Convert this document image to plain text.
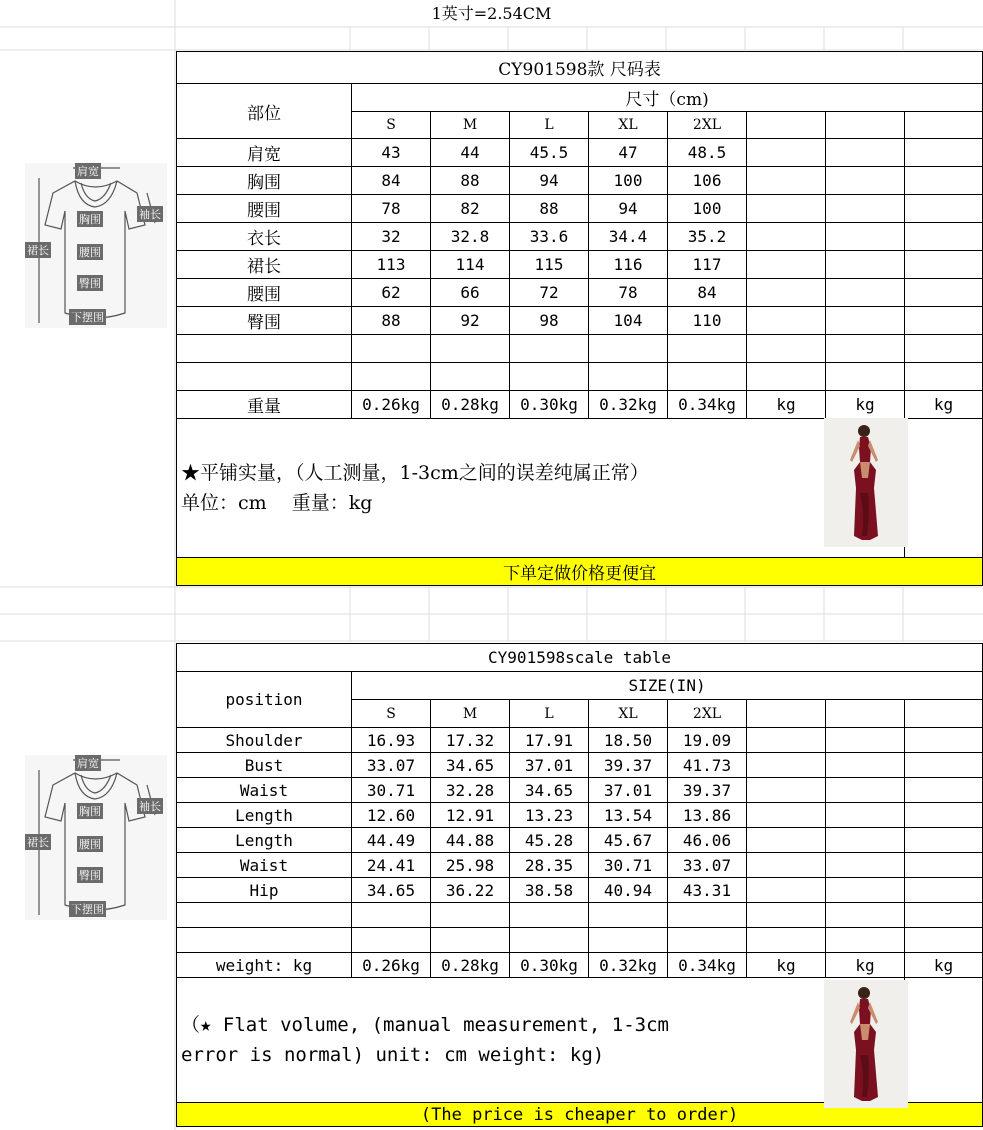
1英寸=2.54CM
CY901598款 尺码表								
部位	尺寸（cm)							
	S	M	L	XL	2XL			
肩宽	43	44	45.5	47	48.5			
胸围	84	88	94	100	106			
腰围	78	82	88	94	100			
衣长	32	32.8	33.6	34.4	35.2			
裙长	113	114	115	116	117			
腰围	62	66	72	78	84			
臀围	88	92	98	104	110			

重量	0.26kg	0.28kg	0.30kg	0.32kg	0.34kg	kg	kg	kg

★平铺实量，（人工测量，1-3cm之间的误差纯属正常）
单位：cm　 重量：kg								

下单定做价格更便宜								
CY901598scale table								
position	SIZE(IN)							
	S	M	L	XL	2XL			
Shoulder	16.93	17.32	17.91	18.50	19.09			
Bust	33.07	34.65	37.01	39.37	41.73			
Waist	30.71	32.28	34.65	37.01	39.37			
Length	12.60	12.91	13.23	13.54	13.86			
Length	44.49	44.88	45.28	45.67	46.06			
Waist	24.41	25.98	28.35	30.71	33.07			
Hip	34.65	36.22	38.58	40.94	43.31			

weight: kg	0.26kg	0.28kg	0.30kg	0.32kg	0.34kg	kg	kg	kg

（★ Flat volume, (manual measurement, 1-3cm
error is normal) unit: cm weight: kg)								

(The price is cheaper to order)								
肩宽
袖长
胸围
腰围
臀围
下摆围
裙长
肩宽
袖长
胸围
腰围
臀围
下摆围
裙长
